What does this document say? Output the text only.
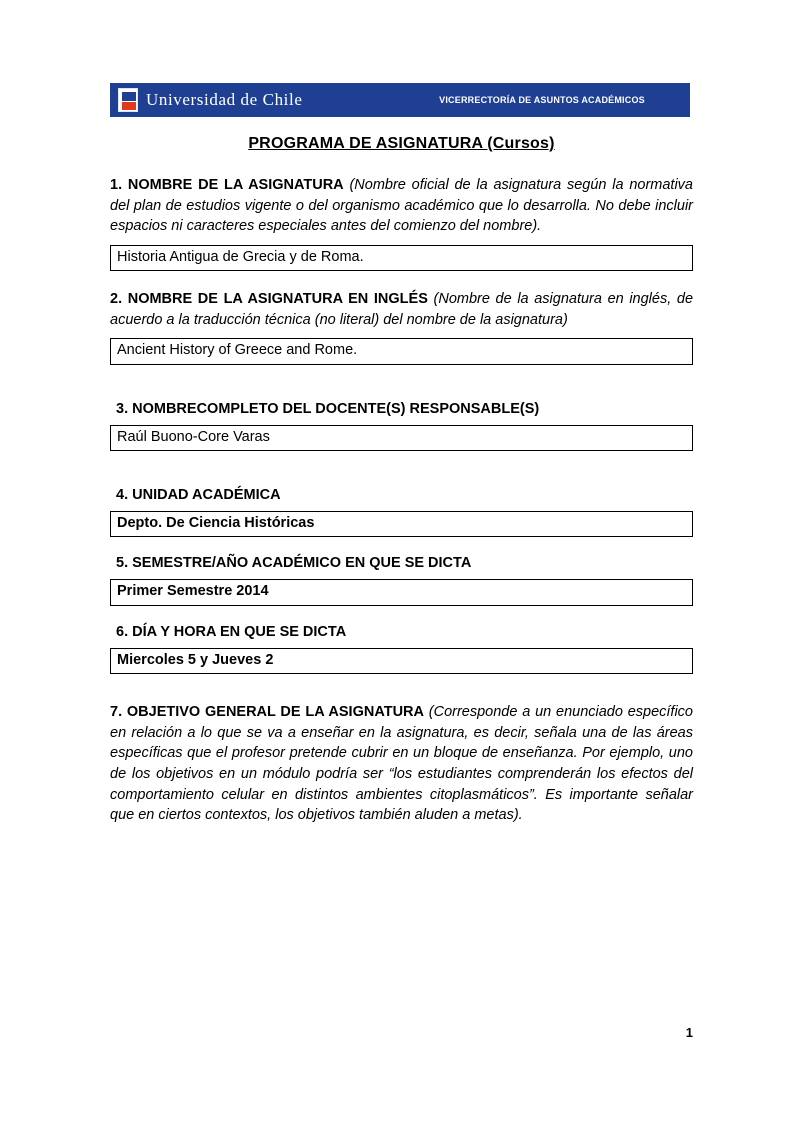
Universidad de Chile	VICERRECTORÍA DE ASUNTOS ACADÉMICOS
PROGRAMA DE ASIGNATURA (Cursos)

1. NOMBRE DE LA ASIGNATURA (Nombre oficial de la asignatura según la normativa del plan de estudios vigente o del organismo académico que lo desarrolla. No debe incluir espacios ni caracteres especiales antes del comienzo del nombre).

Historia Antigua de Grecia y de Roma.

2. NOMBRE DE LA ASIGNATURA EN INGLÉS (Nombre de la asignatura en inglés, de acuerdo a la traducción técnica (no literal) del nombre de la asignatura)

Ancient History of Greece and Rome.

3. NOMBRECOMPLETO DEL DOCENTE(S) RESPONSABLE(S)

Raúl Buono-Core Varas

4. UNIDAD ACADÉMICA

Depto. De Ciencia Históricas

5. SEMESTRE/AÑO ACADÉMICO EN QUE SE DICTA

Primer Semestre 2014

6. DÍA Y HORA EN QUE SE DICTA

Miercoles 5 y Jueves 2

7. OBJETIVO GENERAL DE LA ASIGNATURA (Corresponde a un enunciado específico en relación a lo que se va a enseñar en la asignatura, es decir, señala una de las áreas específicas que el profesor pretende cubrir en un bloque de enseñanza. Por ejemplo, uno de los objetivos en un módulo podría ser “los estudiantes comprenderán los efectos del comportamiento celular en distintos ambientes citoplasmáticos”. Es importante señalar que en ciertos contextos, los objetivos también aluden a metas).

1
